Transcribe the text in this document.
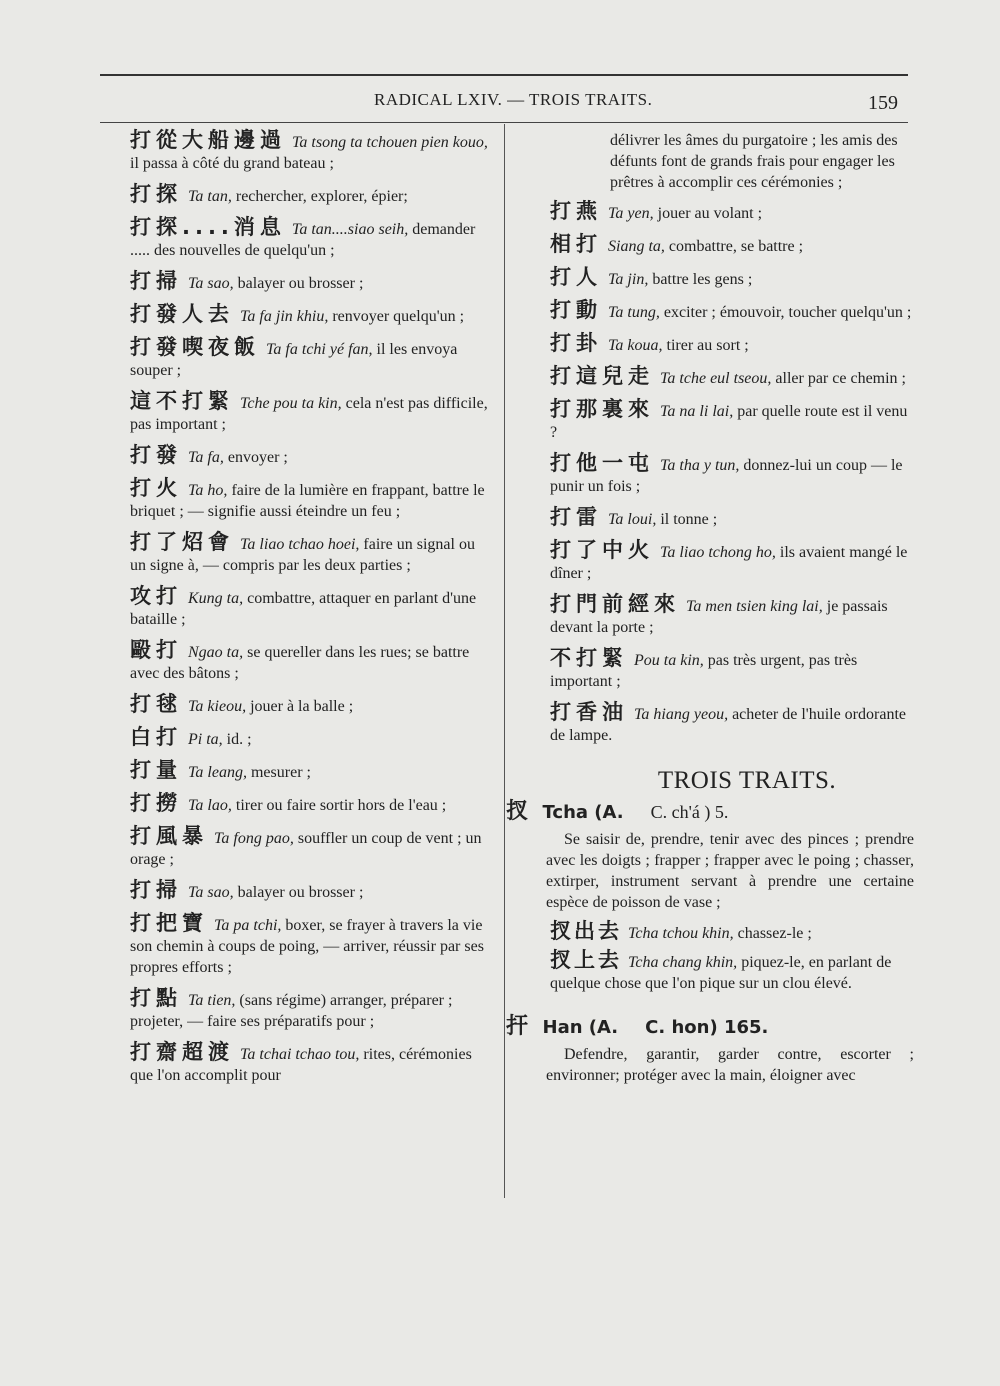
RADICAL LXIV. — TROIS TRAITS.	159

打從大船邊過 Ta tsong ta tchouen pien kouo, il passa à côté du grand bateau ;

打探 Ta tan, rechercher, explorer, épier;

打探....消息 Ta tan....siao seih, demander ..... des nouvelles de quelqu'un ;

打掃 Ta sao, balayer ou brosser ;

打發人去 Ta fa jin khiu, renvoyer quelqu'un ;

打發喫夜飯 Ta fa tchi yé fan, il les envoya souper ;

這不打緊 Tche pou ta kin, cela n'est pas difficile, pas important ;

打發 Ta fa, envoyer ;

打火 Ta ho, faire de la lumière en frappant, battre le briquet ; — signifie aussi éteindre un feu ;

打了炤會 Ta liao tchao hoei, faire un signal ou un signe à, — compris par les deux parties ;

攻打 Kung ta, combattre, attaquer en parlant d'une bataille ;

毆打 Ngao ta, se quereller dans les rues; se battre avec des bâtons ;

打毬 Ta kieou, jouer à la balle ;

白打 Pi ta, id. ;

打量 Ta leang, mesurer ;

打撈 Ta lao, tirer ou faire sortir hors de l'eau ;

打風暴 Ta fong pao, souffler un coup de vent ; un orage ;

打掃 Ta sao, balayer ou brosser ;

打把寶 Ta pa tchi, boxer, se frayer à travers la vie son chemin à coups de poing, — arriver, réussir par ses propres efforts ;

打點 Ta tien, (sans régime) arranger, préparer ; projeter, — faire ses préparatifs pour ;

打齋超渡 Ta tchai tchao tou, rites, cérémonies que l'on accomplit pour

délivrer les âmes du purgatoire ; les amis des défunts font de grands frais pour engager les prêtres à accomplir ces cérémonies ;

打燕 Ta yen, jouer au volant ;

相打 Siang ta, combattre, se battre ;

打人 Ta jin, battre les gens ;

打動 Ta tung, exciter ; émouvoir, toucher quelqu'un ;

打卦 Ta koua, tirer au sort ;

打這兒走 Ta tche eul tseou, aller par ce chemin ;

打那裏來 Ta na li lai, par quelle route est il venu ?

打他一屯 Ta tha y tun, donnez-lui un coup — le punir un fois ;

打雷 Ta loui, il tonne ;

打了中火 Ta liao tchong ho, ils avaient mangé le dîner ;

打門前經來 Ta men tsien king lai, je passais devant la porte ;

不打緊 Pou ta kin, pas très urgent, pas très important ;

打香油 Ta hiang yeou, acheter de l'huile ordorante de lampe.

TROIS TRAITS.
扠 Tcha (A. C. ch'á ) 5.

Se saisir de, prendre, tenir avec des pinces ; prendre avec les doigts ; frapper ; frapper avec le poing ; chasser, extirper, instrument servant à prendre une certaine espèce de poisson de vase ;

扠出去 Tcha tchou khin, chassez-le ;

扠上去 Tcha chang khin, piquez-le, en parlant de quelque chose que l'on pique sur un clou élevé.

扞 Han (A. C. hon) 165.

Defendre, garantir, garder contre, escorter ; environner; protéger avec la main, éloigner avec
